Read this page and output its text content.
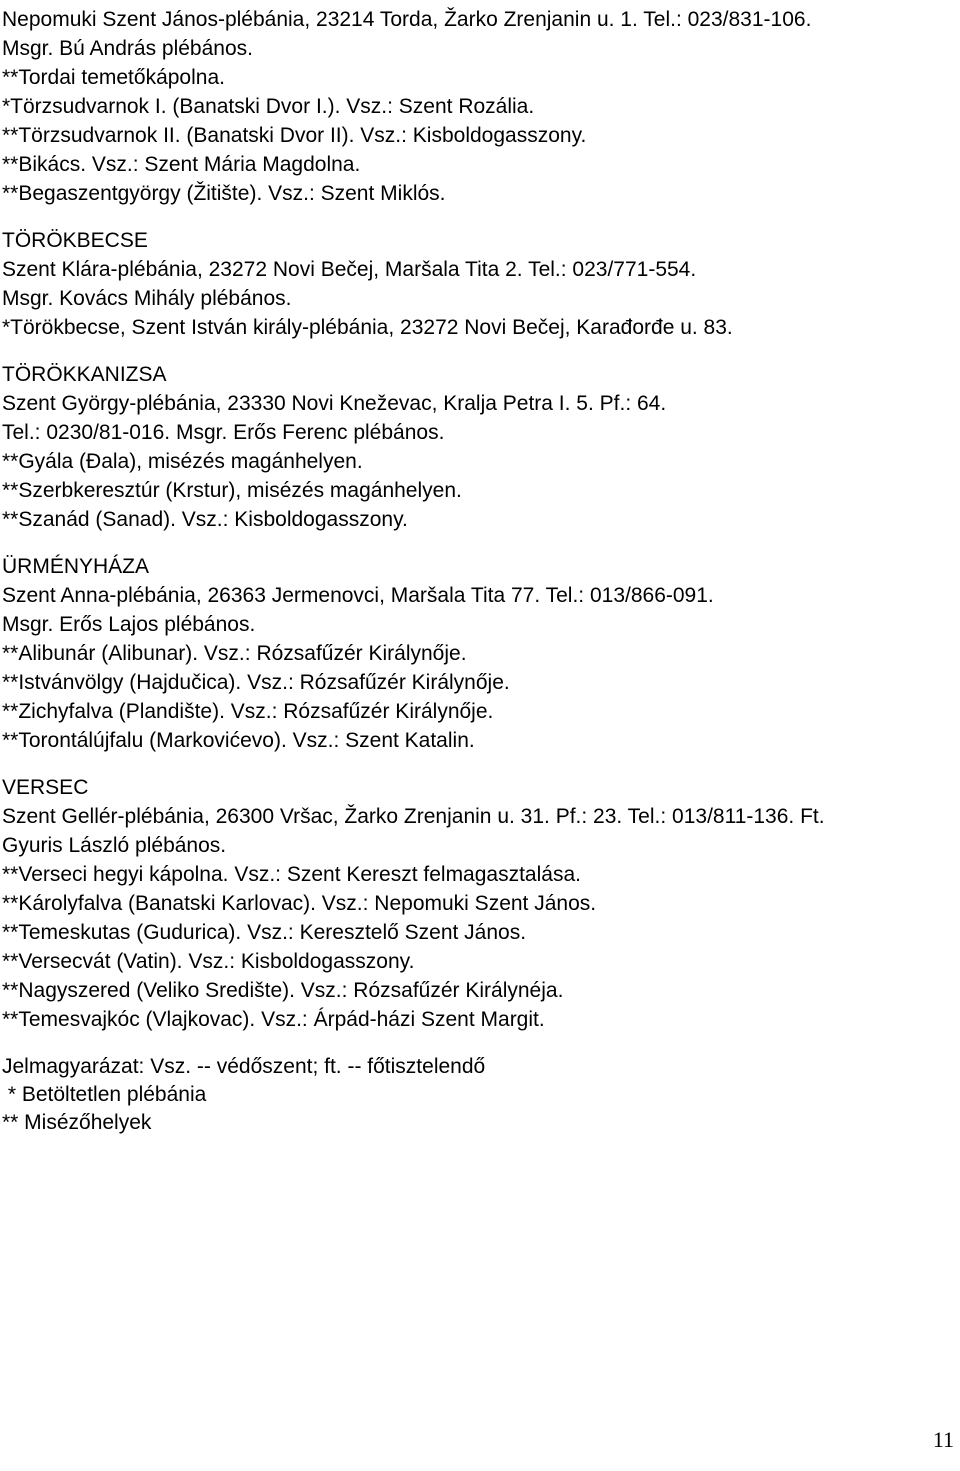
Nepomuki Szent János-plébánia, 23214 Torda, Žarko Zrenjanin u. 1. Tel.: 023/831-106.
Msgr. Bú András plébános.
**Tordai temetőkápolna.
*Törzsudvarnok I. (Banatski Dvor I.). Vsz.: Szent Rozália.
**Törzsudvarnok II. (Banatski Dvor II). Vsz.: Kisboldogasszony.
**Bikács. Vsz.: Szent Mária Magdolna.
**Begaszentgyörgy (Žitište). Vsz.: Szent Miklós.
TÖRÖKBECSE
Szent Klára-plébánia, 23272 Novi Bečej, Maršala Tita 2. Tel.: 023/771-554.
Msgr. Kovács Mihály plébános.
*Törökbecse, Szent István király-plébánia, 23272 Novi Bečej, Karađorđe u. 83.
TÖRÖKKANIZSA
Szent György-plébánia, 23330 Novi Kneževac, Kralja Petra I. 5. Pf.: 64.
Tel.: 0230/81-016. Msgr. Erős Ferenc plébános.
**Gyála (Đala), misézés magánhelyen.
**Szerbkeresztúr (Krstur), misézés magánhelyen.
**Szanád (Sanad). Vsz.: Kisboldogasszony.
ÜRMÉNYHÁZA
Szent Anna-plébánia, 26363 Jermenovci, Maršala Tita 77. Tel.: 013/866-091.
Msgr. Erős Lajos plébános.
**Alibunár (Alibunar). Vsz.: Rózsafűzér Királynője.
**Istvánvölgy (Hajdučica). Vsz.: Rózsafűzér Királynője.
**Zichyfalva (Plandište). Vsz.: Rózsafűzér Királynője.
**Torontálújfalu (Markovićevo). Vsz.: Szent Katalin.
VERSEC
Szent Gellér-plébánia, 26300 Vršac, Žarko Zrenjanin u. 31. Pf.: 23. Tel.: 013/811-136. Ft.
Gyuris László plébános.
**Verseci hegyi kápolna. Vsz.: Szent Kereszt felmagasztalása.
**Károlyfalva (Banatski Karlovac). Vsz.: Nepomuki Szent János.
**Temeskutas (Gudurica). Vsz.: Keresztelő Szent János.
**Versecvát (Vatin). Vsz.: Kisboldogasszony.
**Nagyszered (Veliko Središte). Vsz.: Rózsafűzér Királynéja.
**Temesvajkóc (Vlajkovac). Vsz.: Árpád-házi Szent Margit.
Jelmagyarázat: Vsz. -- védőszent; ft. -- főtisztelendő
* Betöltetlen plébánia
** Misézőhelyek
11
